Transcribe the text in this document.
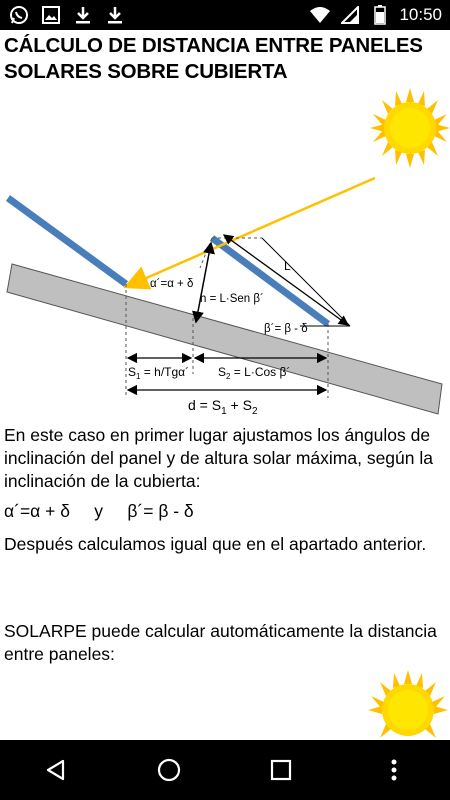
10:50
CÁLCULO DE DISTANCIA ENTRE PANELES
SOLARES SOBRE CUBIERTA
α´=α + δ
h = L·Sen β´
L
β´= β - δ
$S_1$ = h/Tgα´ $S_2 = L\cdot Cos$ β´
$d = S_1 + S_2$
En este caso en primer lugar ajustamos los ángulos de inclinación del panel y de altura solar máxima, según la inclinación de la cubierta:
α´=α + δ     y     β´= β - δ
Después calculamos igual que en el apartado anterior.
SOLARPE puede calcular automáticamente la distancia entre paneles:
